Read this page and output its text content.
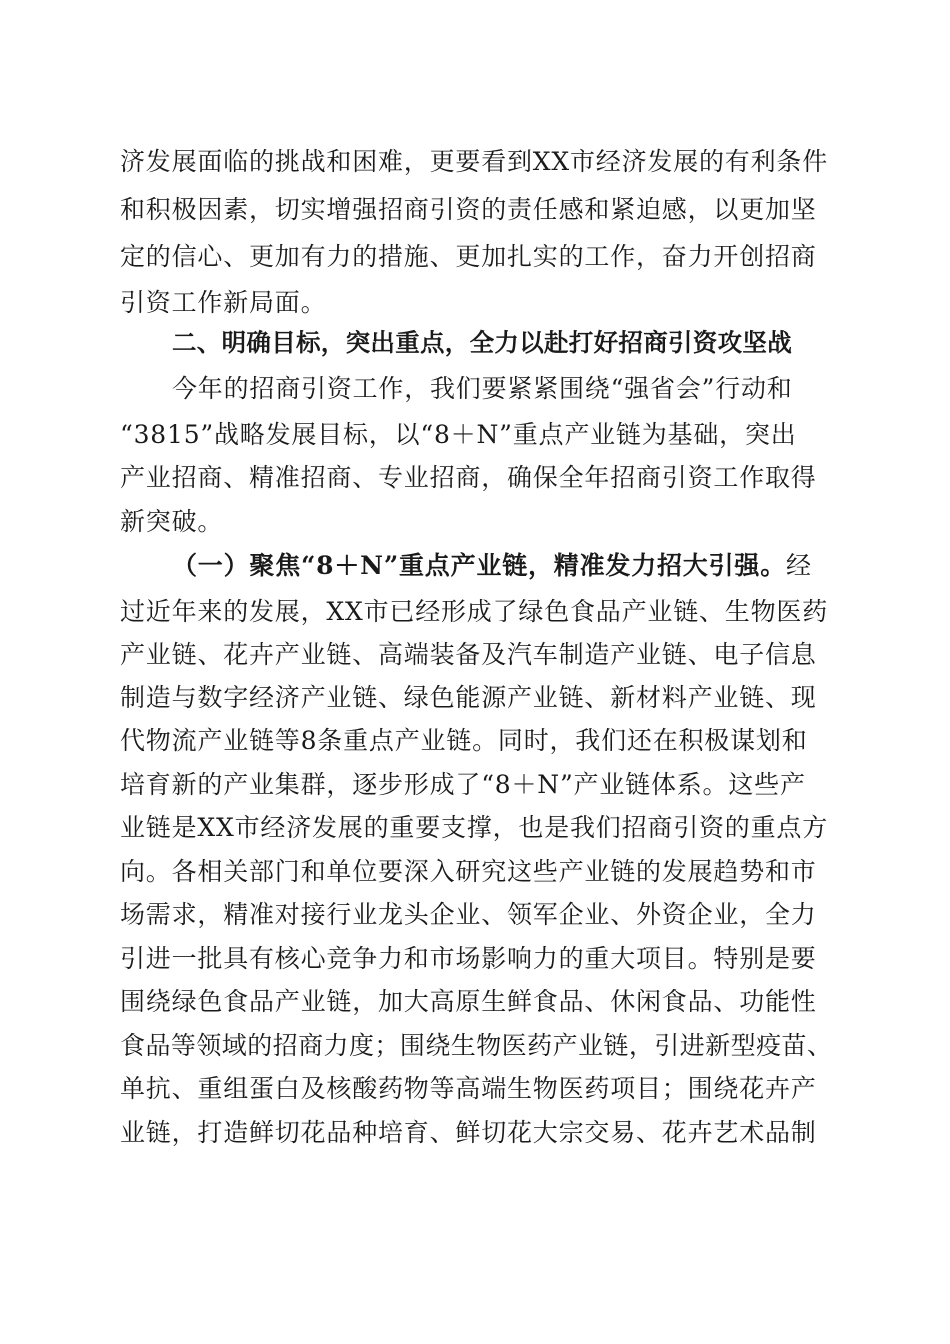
济发展面临的挑战和困难，更要看到XX市经济发展的有利条件
和积极因素，切实增强招商引资的责任感和紧迫感，以更加坚
定的信心、更加有力的措施、更加扎实的工作，奋力开创招商
引资工作新局面。
二、明确目标，突出重点，全力以赴打好招商引资攻坚战
今年的招商引资工作，我们要紧紧围绕“强省会”行动和
“3815”战略发展目标，以“8＋N”重点产业链为基础，突出
产业招商、精准招商、专业招商，确保全年招商引资工作取得
新突破。
（一）聚焦“8＋N”重点产业链，精准发力招大引强。经
过近年来的发展，XX市已经形成了绿色食品产业链、生物医药
产业链、花卉产业链、高端装备及汽车制造产业链、电子信息
制造与数字经济产业链、绿色能源产业链、新材料产业链、现
代物流产业链等8条重点产业链。同时，我们还在积极谋划和
培育新的产业集群，逐步形成了“8＋N”产业链体系。这些产
业链是XX市经济发展的重要支撑，也是我们招商引资的重点方
向。各相关部门和单位要深入研究这些产业链的发展趋势和市
场需求，精准对接行业龙头企业、领军企业、外资企业，全力
引进一批具有核心竞争力和市场影响力的重大项目。特别是要
围绕绿色食品产业链，加大高原生鲜食品、休闲食品、功能性
食品等领域的招商力度；围绕生物医药产业链，引进新型疫苗、
单抗、重组蛋白及核酸药物等高端生物医药项目；围绕花卉产
业链，打造鲜切花品种培育、鲜切花大宗交易、花卉艺术品制
